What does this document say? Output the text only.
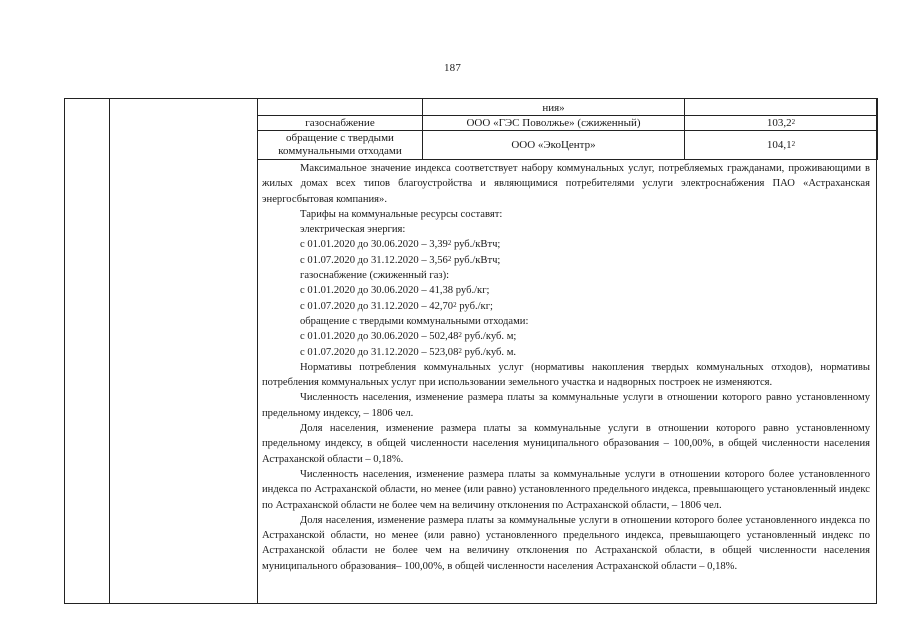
187
	ния»	
газоснабжение	ООО «ГЭС Поволжье» (сжиженный)	103,2$^2$
обращение с твердыми коммунальными отходами	ООО «ЭкоЦентр»	104,1$^2$

Максимальное значение индекса соответствует набору коммунальных услуг, потребляемых гражданами, проживающими в жилых домах всех типов благоустройства и являющимися потребителями услуги электроснабжения ПАО «Астраханская энергосбытовая компания».

Тарифы на коммунальные ресурсы составят:
электрическая энергия:
с 01.01.2020 до 30.06.2020 – 3,39$^2$ руб./кВтч;
с 01.07.2020 до 31.12.2020 – 3,56$^2$ руб./кВтч;
газоснабжение (сжиженный газ):
с 01.01.2020 до 30.06.2020 – 41,38 руб./кг;
с 01.07.2020 до 31.12.2020 – 42,70$^2$ руб./кг;
обращение с твердыми коммунальными отходами:
с 01.01.2020 до 30.06.2020 – 502,48$^2$ руб./куб. м;
с 01.07.2020 до 31.12.2020 – 523,08$^2$ руб./куб. м.

Нормативы потребления коммунальных услуг (нормативы накопления твердых коммунальных отходов), нормативы потребления коммунальных услуг при использовании земельного участка и надворных построек не изменяются.

Численность населения, изменение размера платы за коммунальные услуги в отношении которого равно установленному предельному индексу, – 1806 чел.

Доля населения, изменение размера платы за коммунальные услуги в отношении которого равно установленному предельному индексу, в общей численности населения муниципального образования – 100,00%, в общей численности населения Астраханской области – 0,18%.

Численность населения, изменение размера платы за коммунальные услуги в отношении которого более установленного индекса по Астраханской области, но менее (или равно) установленного предельного индекса, превышающего установленный индекс по Астраханской области не более чем на величину отклонения по Астраханской области, – 1806 чел.

Доля населения, изменение размера платы за коммунальные услуги в отношении которого более установленного индекса по Астраханской области, но менее (или равно) установленного предельного индекса, превышающего установленный индекс по Астраханской области не более чем на величину отклонения по Астраханской области, в общей численности населения муниципального образования– 100,00%, в общей численности населения Астраханской области – 0,18%.
